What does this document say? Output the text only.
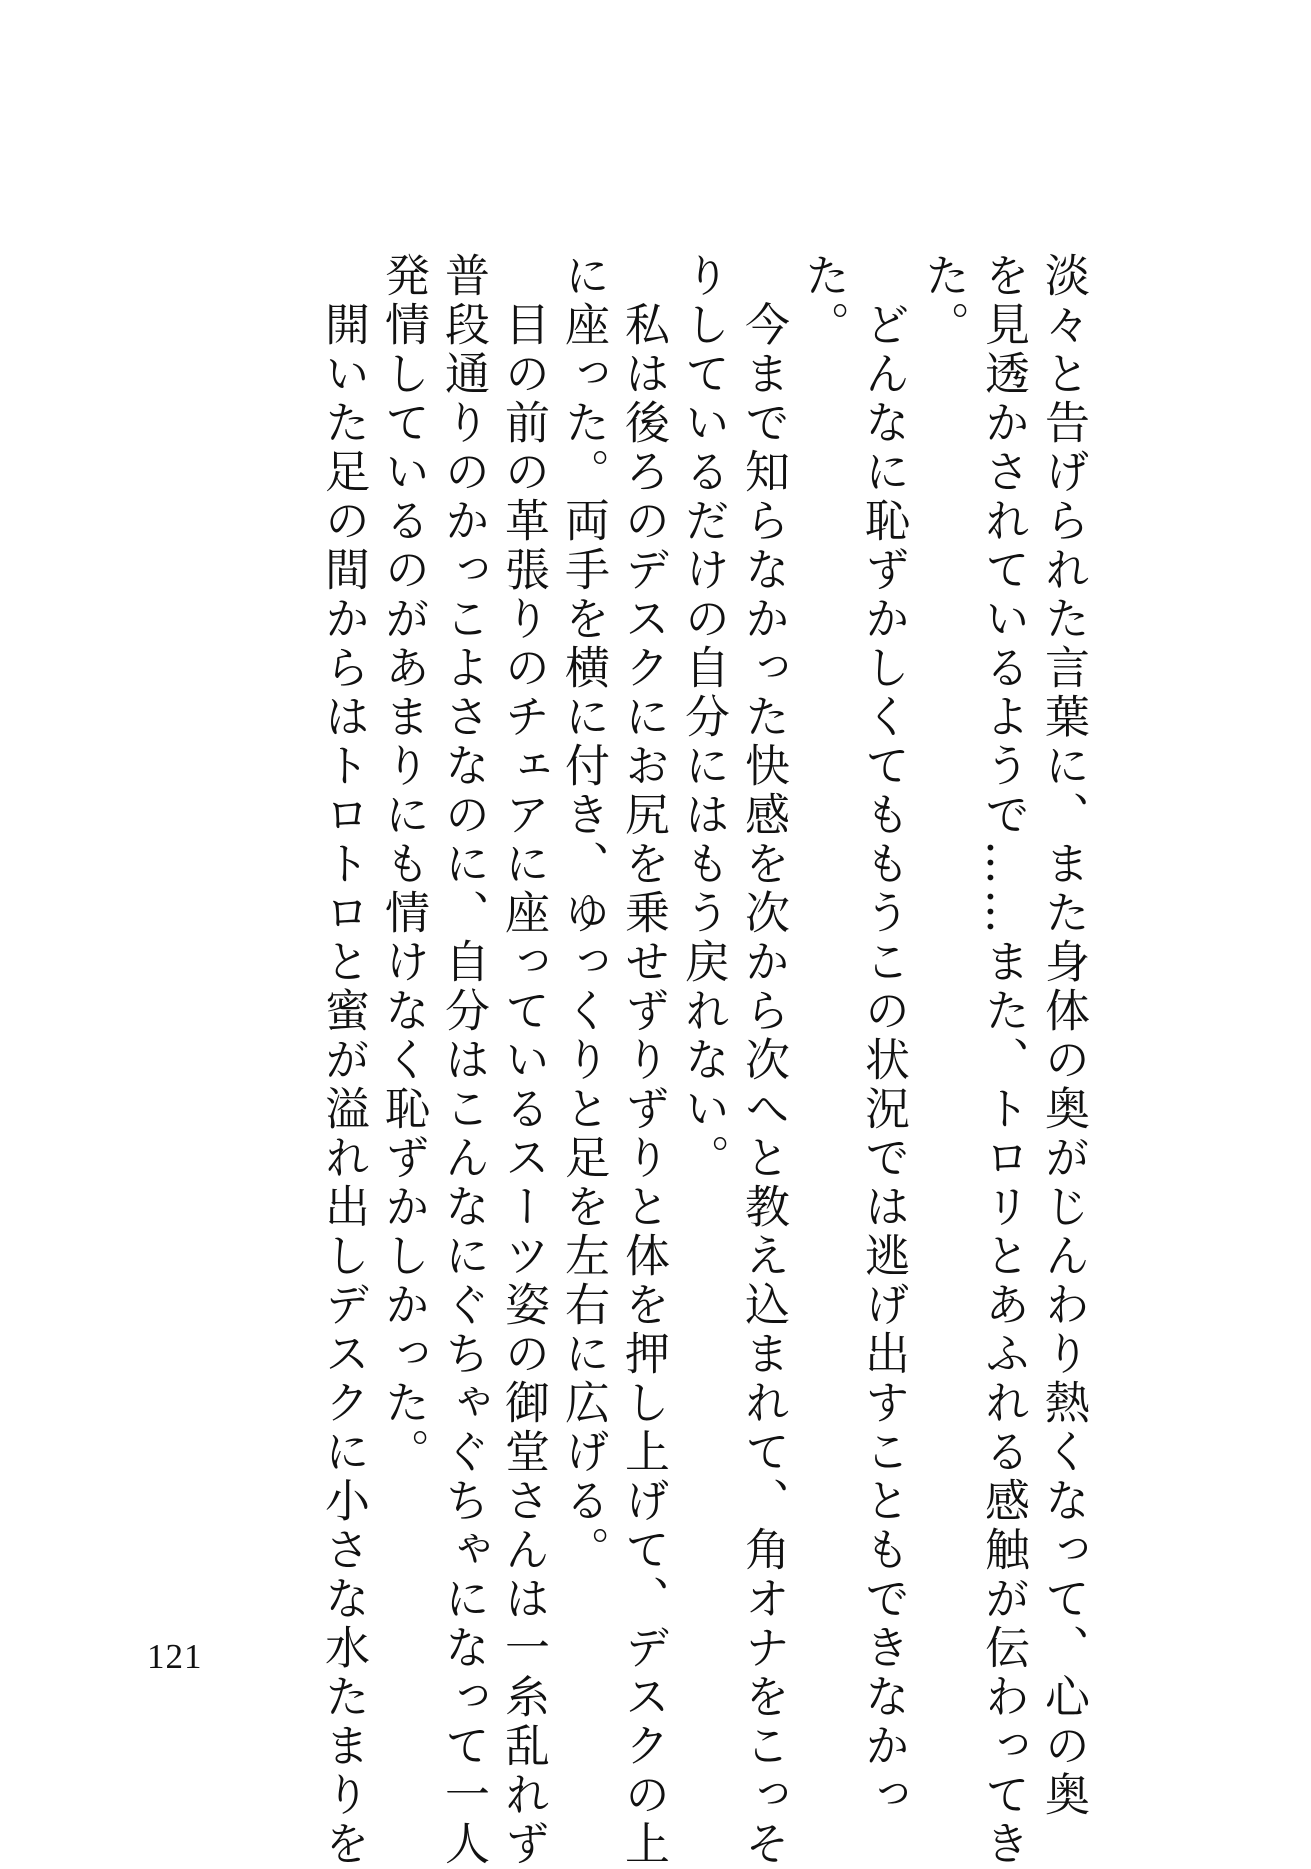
淡々と告げられた言葉に、また身体の奥がじんわり熱くなって、心の奥
を見透かされているようで……また、トロリとあふれる感触が伝わってき
た。
　どんなに恥ずかしくてももうこの状況では逃げ出すこともできなかっ
た。
　今まで知らなかった快感を次から次へと教え込まれて、角オナをこっそ
りしているだけの自分にはもう戻れない。
　私は後ろのデスクにお尻を乗せずりずりと体を押し上げて、デスクの上
に座った。両手を横に付き、ゆっくりと足を左右に広げる。
　目の前の革張りのチェアに座っているスーツ姿の御堂さんは一糸乱れず
普段通りのかっこよさなのに、自分はこんなにぐちゃぐちゃになって一人
発情しているのがあまりにも情けなく恥ずかしかった。
　開いた足の間からはトロトロと蜜が溢れ出しデスクに小さな水たまりを
121
